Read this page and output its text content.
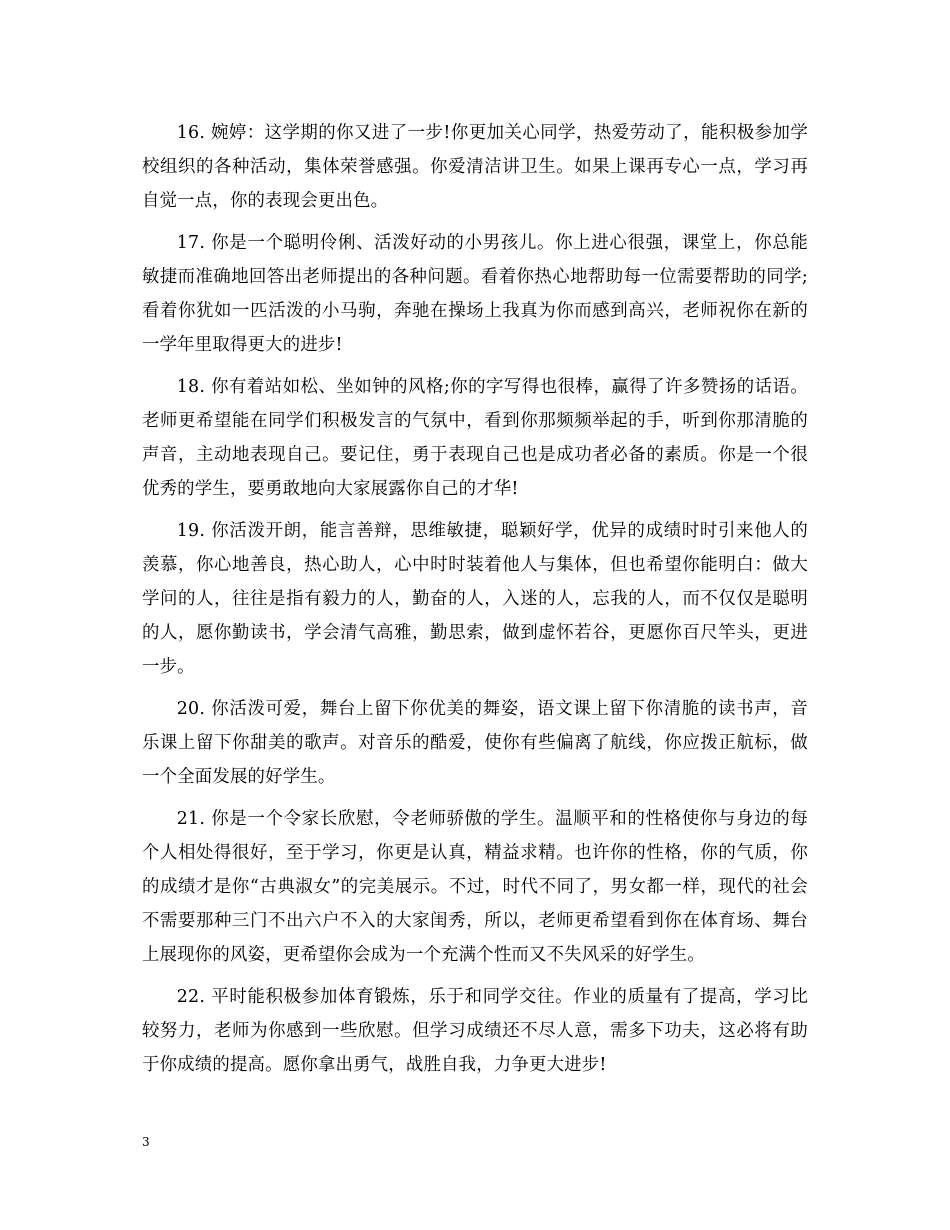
16. 婉婷：这学期的你又进了一步!你更加关心同学，热爱劳动了，能积极参加学校组织的各种活动，集体荣誉感强。你爱清洁讲卫生。如果上课再专心一点，学习再自觉一点，你的表现会更出色。

17. 你是一个聪明伶俐、活泼好动的小男孩儿。你上进心很强，课堂上，你总能敏捷而准确地回答出老师提出的各种问题。看着你热心地帮助每一位需要帮助的同学;看着你犹如一匹活泼的小马驹，奔驰在操场上我真为你而感到高兴，老师祝你在新的一学年里取得更大的进步!

18. 你有着站如松、坐如钟的风格;你的字写得也很棒，赢得了许多赞扬的话语。老师更希望能在同学们积极发言的气氛中，看到你那频频举起的手，听到你那清脆的声音，主动地表现自己。要记住，勇于表现自己也是成功者必备的素质。你是一个很优秀的学生，要勇敢地向大家展露你自己的才华!

19. 你活泼开朗，能言善辩，思维敏捷，聪颖好学，优异的成绩时时引来他人的羡慕，你心地善良，热心助人，心中时时装着他人与集体，但也希望你能明白：做大学问的人，往往是指有毅力的人，勤奋的人，入迷的人，忘我的人，而不仅仅是聪明的人，愿你勤读书，学会清气高雅，勤思索，做到虚怀若谷，更愿你百尺竿头，更进一步。

20. 你活泼可爱，舞台上留下你优美的舞姿，语文课上留下你清脆的读书声，音乐课上留下你甜美的歌声。对音乐的酷爱，使你有些偏离了航线，你应拨正航标，做一个全面发展的好学生。

21. 你是一个令家长欣慰，令老师骄傲的学生。温顺平和的性格使你与身边的每个人相处得很好，至于学习，你更是认真，精益求精。也许你的性格，你的气质，你的成绩才是你“古典淑女”的完美展示。不过，时代不同了，男女都一样，现代的社会不需要那种三门不出六户不入的大家闺秀，所以，老师更希望看到你在体育场、舞台上展现你的风姿，更希望你会成为一个充满个性而又不失风采的好学生。

22. 平时能积极参加体育锻炼，乐于和同学交往。作业的质量有了提高，学习比较努力，老师为你感到一些欣慰。但学习成绩还不尽人意，需多下功夫，这必将有助于你成绩的提高。愿你拿出勇气，战胜自我，力争更大进步!

3
